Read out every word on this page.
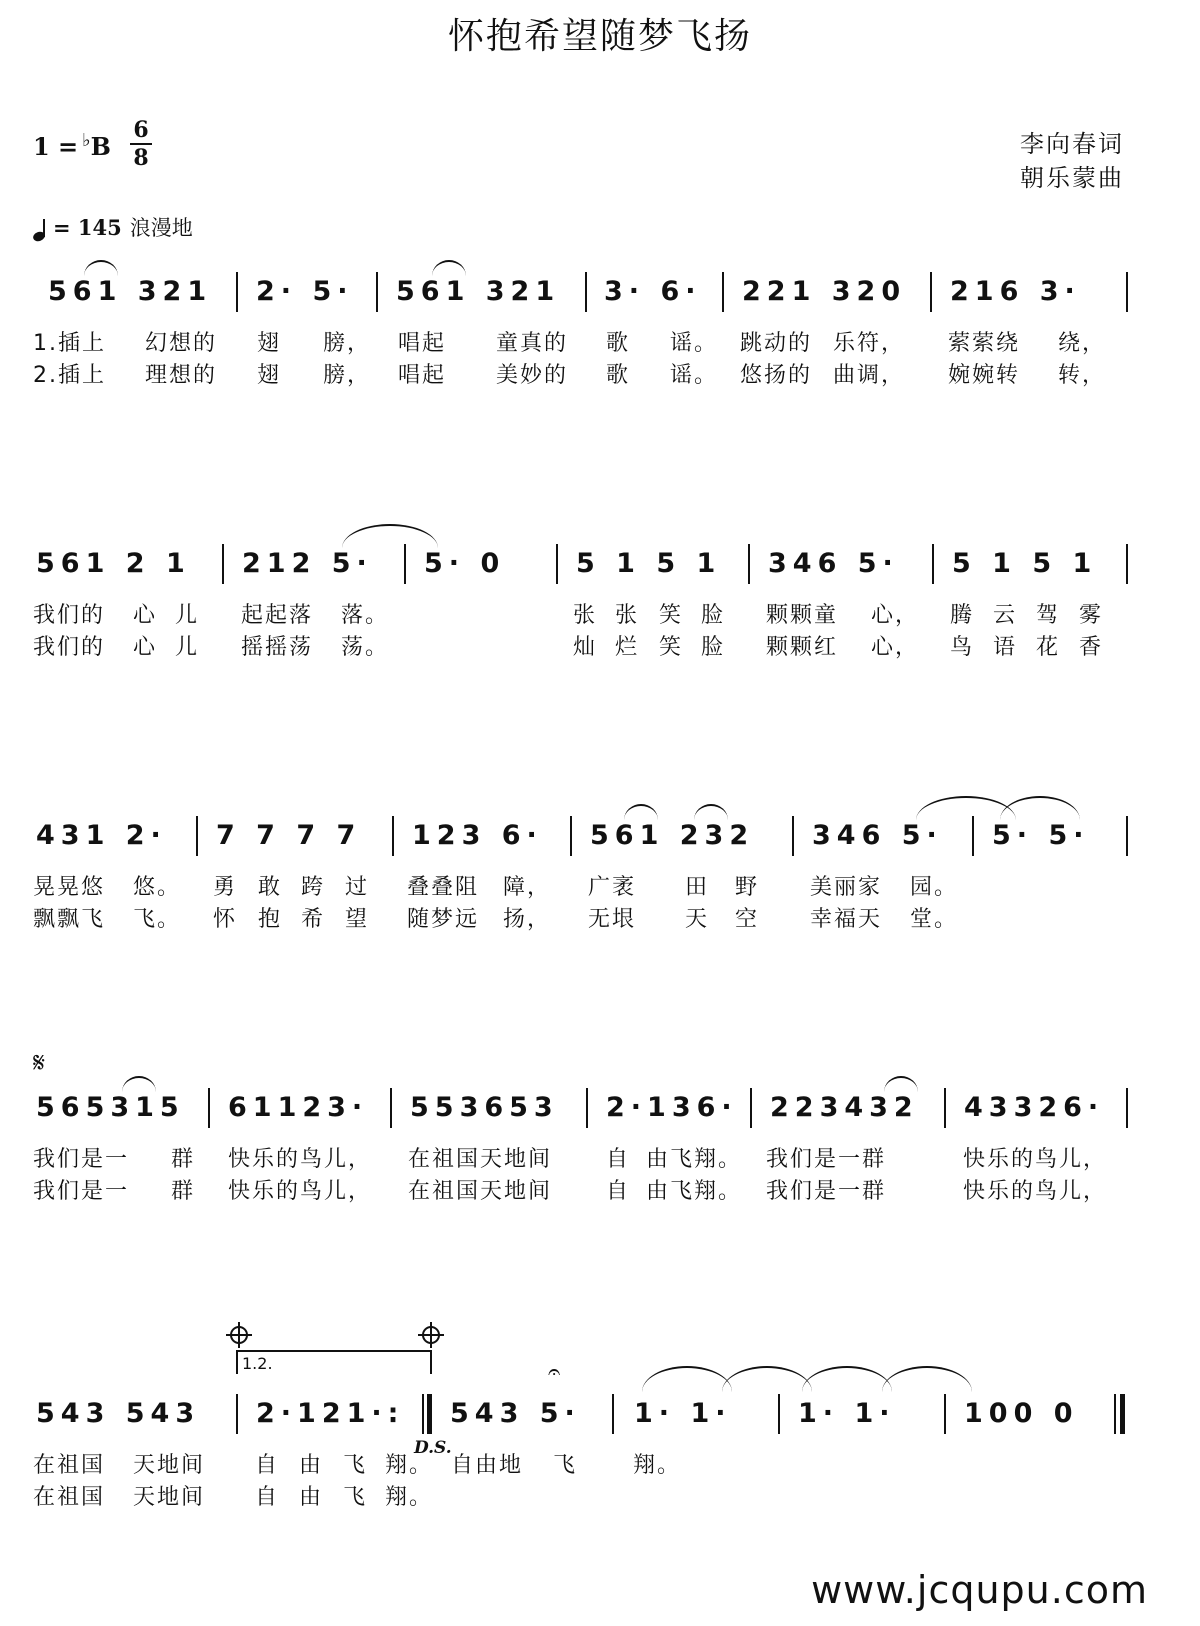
怀抱希望随梦飞扬
1 = ♭B
6
8	李向春词
朝乐蒙曲
= 145 浪漫地
561 321 2· 5· 561 321 3· 6· 221 320 216 3·
1.插上 幻想的 翅 膀， 唱起 童真的 歌 谣。 跳动的 乐符， 萦萦绕 绕，
2.插上 理想的 翅 膀， 唱起 美妙的 歌 谣。 悠扬的 曲调， 婉婉转 转，
561 2 1 212 5· 5· 0	5 1 5 1 346 5· 5 1 5 1
我们的 心 儿 起起落 落。	张 张 笑 脸 颗颗童 心， 腾 云 驾 雾
我们的 心 儿 摇摇荡 荡。	灿 烂 笑 脸 颗颗红 心， 鸟 语 花 香
431 2· 7 7 7 7 123 6· 561 232 346 5· 5· 5·
晃晃悠 悠。 勇 敢 跨 过 叠叠阻 障， 广袤 田 野 美丽家 园。
飘飘飞 飞。 怀 抱 希 望 随梦远 扬， 无垠 天 空 幸福天 堂。
𝄋
565315 61123· 553653 2·136· 223432 43326·
我们是一 群 快乐的鸟儿， 在祖国天地间 自 由飞翔。 我们是一群	快乐的鸟儿，
我们是一 群 快乐的鸟儿， 在祖国天地间 自 由飞翔。 我们是一群	快乐的鸟儿，
1.2.
543 543 2·121·: 543 5· 1· 1· 1· 1·	100 0
𝄐
D.S.
在祖国 天地间 自 由 飞 翔。 自由地 飞	翔。
在祖国 天地间 自 由 飞 翔。
www.jcqupu.com
